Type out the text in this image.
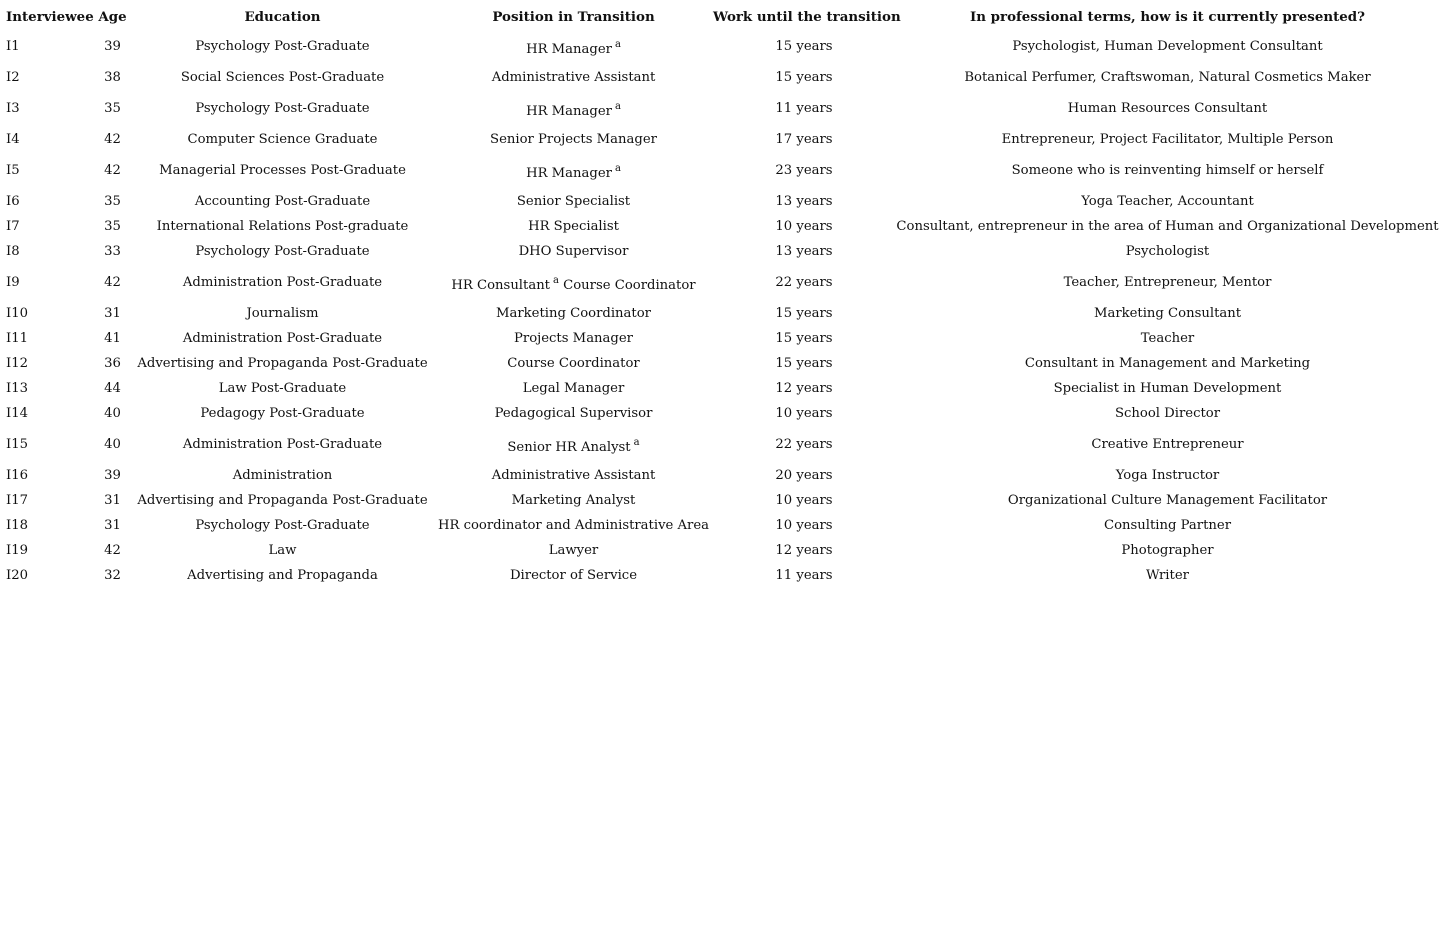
Interviewee	Age	Education	Position in Transition	Work until the transition	In professional terms, how is it currently presented?
I1	39	Psychology Post-Graduate	HR Manager $^a$	15 years	Psychologist, Human Development Consultant
I2	38	Social Sciences Post-Graduate	Administrative Assistant	15 years	Botanical Perfumer, Craftswoman, Natural Cosmetics Maker
I3	35	Psychology Post-Graduate	HR Manager $^a$	11 years	Human Resources Consultant
I4	42	Computer Science Graduate	Senior Projects Manager	17 years	Entrepreneur, Project Facilitator, Multiple Person
I5	42	Managerial Processes Post-Graduate	HR Manager $^a$	23 years	Someone who is reinventing himself or herself
I6	35	Accounting Post-Graduate	Senior Specialist	13 years	Yoga Teacher, Accountant
I7	35	International Relations Post-graduate	HR Specialist	10 years	Consultant, entrepreneur in the area of Human and Organizational Development
I8	33	Psychology Post-Graduate	DHO Supervisor	13 years	Psychologist
I9	42	Administration Post-Graduate	HR Consultant $^a$ Course Coordinator	22 years	Teacher, Entrepreneur, Mentor
I10	31	Journalism	Marketing Coordinator	15 years	Marketing Consultant
I11	41	Administration Post-Graduate	Projects Manager	15 years	Teacher
I12	36	Advertising and Propaganda Post-Graduate	Course Coordinator	15 years	Consultant in Management and Marketing
I13	44	Law Post-Graduate	Legal Manager	12 years	Specialist in Human Development
I14	40	Pedagogy Post-Graduate	Pedagogical Supervisor	10 years	School Director
I15	40	Administration Post-Graduate	Senior HR Analyst $^a$	22 years	Creative Entrepreneur
I16	39	Administration	Administrative Assistant	20 years	Yoga Instructor
I17	31	Advertising and Propaganda Post-Graduate	Marketing Analyst	10 years	Organizational Culture Management Facilitator
I18	31	Psychology Post-Graduate	HR coordinator and Administrative Area	10 years	Consulting Partner
I19	42	Law	Lawyer	12 years	Photographer
I20	32	Advertising and Propaganda	Director of Service	11 years	Writer
